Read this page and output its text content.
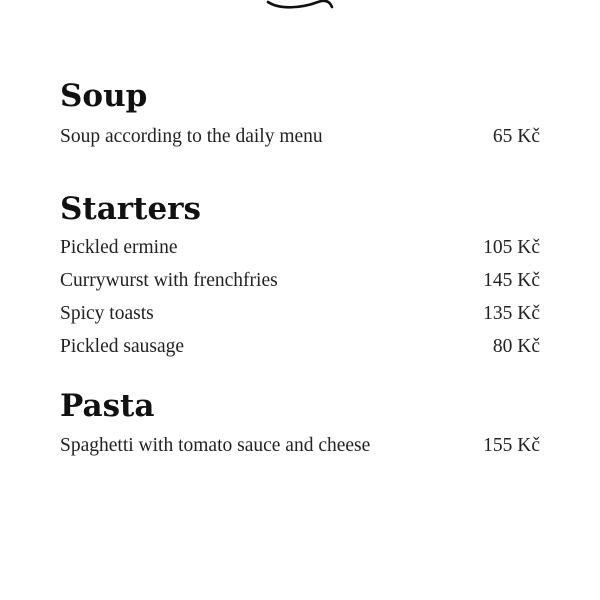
Soup
Soup according to the daily menu	65 Kč
Starters
Pickled ermine	105 Kč
Currywurst with frenchfries	145 Kč
Spicy toasts	135 Kč
Pickled sausage	80 Kč
Pasta
Spaghetti with tomato sauce and cheese	155 Kč
